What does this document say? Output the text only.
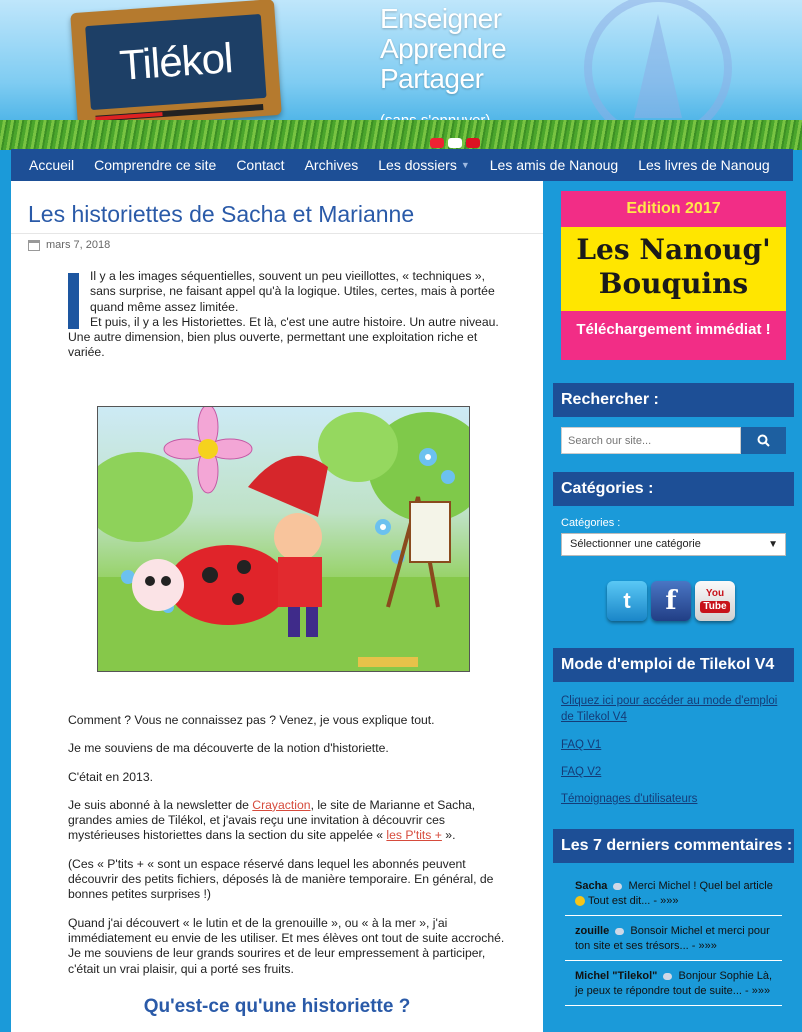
Tilékol
Enseigner
Apprendre
Partager
Accueil	Comprendre ce site	Contact	Archives	Les dossiers ▼	Les amis de Nanoug	Les livres de Nanoug
Les historiettes de Sacha et Marianne
mars 7, 2018
I	Il y a les images séquentielles, souvent un peu vieillottes, « techniques », sans surprise, ne faisant appel qu'à la logique. Utiles, certes, mais à portée quand même assez limitée.

Et puis, il y a les Historiettes. Et là, c'est une autre histoire. Un autre niveau. Une autre dimension, bien plus ouverte, permettant une exploitation riche et variée.

Comment ? Vous ne connaissez pas ? Venez, je vous explique tout.

Je me souviens de ma découverte de la notion d'historiette.

C'était en 2013.

Je suis abonné à la newsletter de Crayaction, le site de Marianne et Sacha, grandes amies de Tilékol, et j'avais reçu une invitation à découvrir ces mystérieuses historiettes dans la section du site appelée « les P'tits + ».

(Ces « P'tits + « sont un espace réservé dans lequel les abonnés peuvent découvrir des petits fichiers, déposés là de manière temporaire. En général, de bonnes petites surprises !)

Quand j'ai découvert « le lutin et de la grenouille », ou « à la mer », j'ai immédiatement eu envie de les utiliser. Et mes élèves ont tout de suite accroché. Je me souviens de leur grands sourires et de leur empressement à participer, c'était un vrai plaisir, qui a porté ses fruits.

Qu'est-ce qu'une historiette ?
Edition 2017
Les Nanoug'
Bouquins
Téléchargement immédiat !
Rechercher :
Search our site...
Catégories :
Catégories :
Sélectionner une catégorie	▼
t f	You
Tube
Mode d'emploi de Tilekol V4
Cliquez ici pour accéder au mode d'emploi de Tilekol V4
FAQ V1
FAQ V2
Témoignages d'utilisateurs
Les 7 derniers commentaires :
Sacha Merci Michel ! Quel bel article
Tout est dit... - »»»
zouille Bonsoir Michel et merci pour ton site et ses trésors... - »»»
Michel "Tilekol" Bonjour Sophie Là, je peux te répondre tout de suite... - »»»
